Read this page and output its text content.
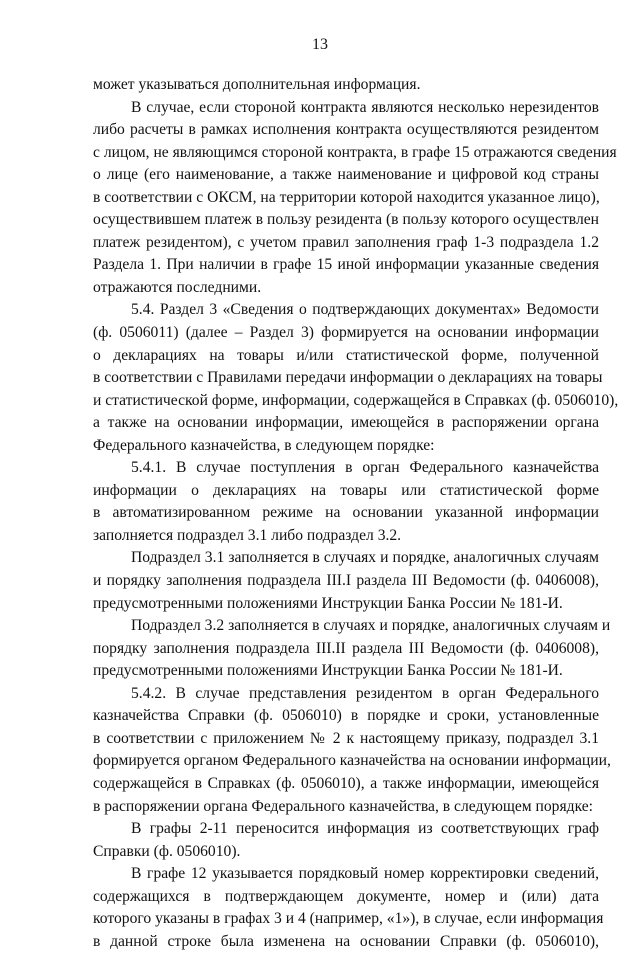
13
может указываться дополнительная информация.
В случае, если стороной контракта являются несколько нерезидентов
либо расчеты в рамках исполнения контракта осуществляются резидентом
с лицом, не являющимся стороной контракта, в графе 15 отражаются сведения
о лице (его наименование, а также наименование и цифровой код страны
в соответствии с ОКСМ, на территории которой находится указанное лицо),
осуществившем платеж в пользу резидента (в пользу которого осуществлен
платеж резидентом), с учетом правил заполнения граф 1-3 подраздела 1.2
Раздела 1. При наличии в графе 15 иной информации указанные сведения
отражаются последними.
5.4. Раздел 3 «Сведения о подтверждающих документах» Ведомости
(ф. 0506011) (далее – Раздел 3) формируется на основании информации
о декларациях на товары и/или статистической форме, полученной
в соответствии с Правилами передачи информации о декларациях на товары
и статистической форме, информации, содержащейся в Справках (ф. 0506010),
а также на основании информации, имеющейся в распоряжении органа
Федерального казначейства, в следующем порядке:
5.4.1. В случае поступления в орган Федерального казначейства
информации о декларациях на товары или статистической форме
в автоматизированном режиме на основании указанной информации
заполняется подраздел 3.1 либо подраздел 3.2.
Подраздел 3.1 заполняется в случаях и порядке, аналогичных случаям
и порядку заполнения подраздела III.I раздела III Ведомости (ф. 0406008),
предусмотренными положениями Инструкции Банка России № 181-И.
Подраздел 3.2 заполняется в случаях и порядке, аналогичных случаям и
порядку заполнения подраздела III.II раздела III Ведомости (ф. 0406008),
предусмотренными положениями Инструкции Банка России № 181-И.
5.4.2. В случае представления резидентом в орган Федерального
казначейства Справки (ф. 0506010) в порядке и сроки, установленные
в соответствии с приложением № 2 к настоящему приказу, подраздел 3.1
формируется органом Федерального казначейства на основании информации,
содержащейся в Справках (ф. 0506010), а также информации, имеющейся
в распоряжении органа Федерального казначейства, в следующем порядке:
В графы 2-11 переносится информация из соответствующих граф
Справки (ф. 0506010).
В графе 12 указывается порядковый номер корректировки сведений,
содержащихся в подтверждающем документе, номер и (или) дата
которого указаны в графах 3 и 4 (например, «1»), в случае, если информация
в данной строке была изменена на основании Справки (ф. 0506010),
